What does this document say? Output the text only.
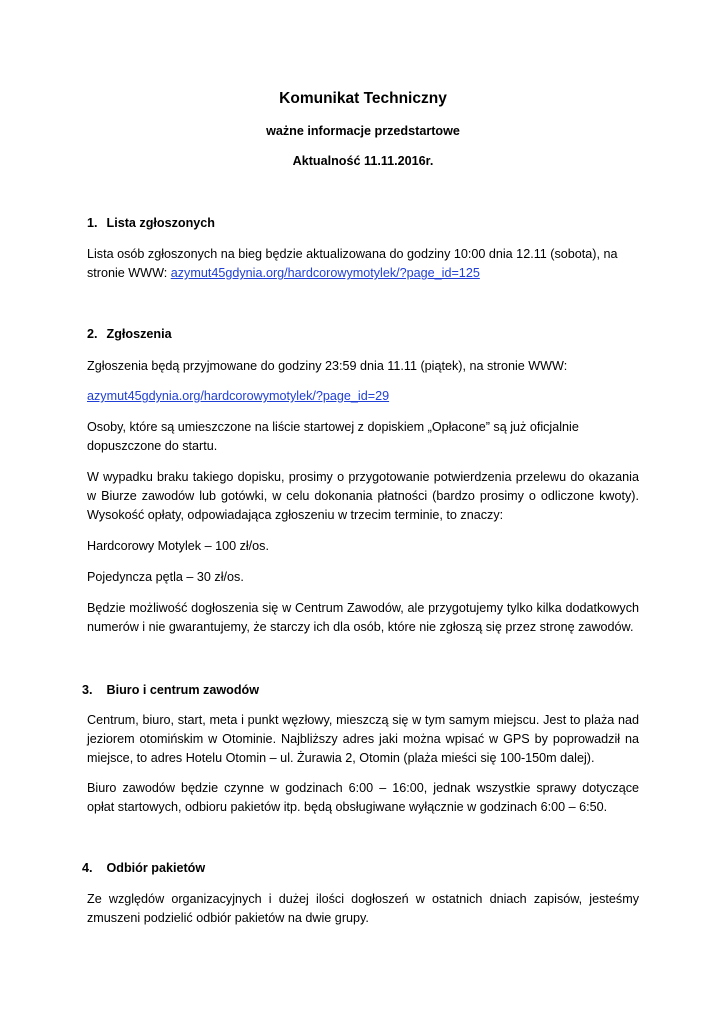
Komunikat Techniczny

ważne informacje przedstartowe

Aktualność 11.11.2016r.

1. Lista zgłoszonych

Lista osób zgłoszonych na bieg będzie aktualizowana do godziny 10:00 dnia 12.11 (sobota), na stronie WWW: azymut45gdynia.org/hardcorowymotylek/?page_id=125

2. Zgłoszenia

Zgłoszenia będą przyjmowane do godziny 23:59 dnia 11.11 (piątek), na stronie WWW:

azymut45gdynia.org/hardcorowymotylek/?page_id=29

Osoby, które są umieszczone na liście startowej z dopiskiem „Opłacone” są już oficjalnie dopuszczone do startu.

W wypadku braku takiego dopisku, prosimy o przygotowanie potwierdzenia przelewu do okazania w Biurze zawodów lub gotówki, w celu dokonania płatności (bardzo prosimy o odliczone kwoty). Wysokość opłaty, odpowiadająca zgłoszeniu w trzecim terminie, to znaczy:

Hardcorowy Motylek – 100 zł/os.

Pojedyncza pętla – 30 zł/os.

Będzie możliwość dogłoszenia się w Centrum Zawodów, ale przygotujemy tylko kilka dodatkowych numerów i nie gwarantujemy, że starczy ich dla osób, które nie zgłoszą się przez stronę zawodów.

3. Biuro i centrum zawodów

Centrum, biuro, start, meta i punkt węzłowy, mieszczą się w tym samym miejscu. Jest to plaża nad jeziorem otomińskim w Otominie. Najbliższy adres jaki można wpisać w GPS by poprowadził na miejsce, to adres Hotelu Otomin – ul. Żurawia 2, Otomin (plaża mieści się 100-150m dalej).

Biuro zawodów będzie czynne w godzinach 6:00 – 16:00, jednak wszystkie sprawy dotyczące opłat startowych, odbioru pakietów itp. będą obsługiwane wyłącznie w godzinach 6:00 – 6:50.

4. Odbiór pakietów

Ze względów organizacyjnych i dużej ilości dogłoszeń w ostatnich dniach zapisów, jesteśmy zmuszeni podzielić odbiór pakietów na dwie grupy.
